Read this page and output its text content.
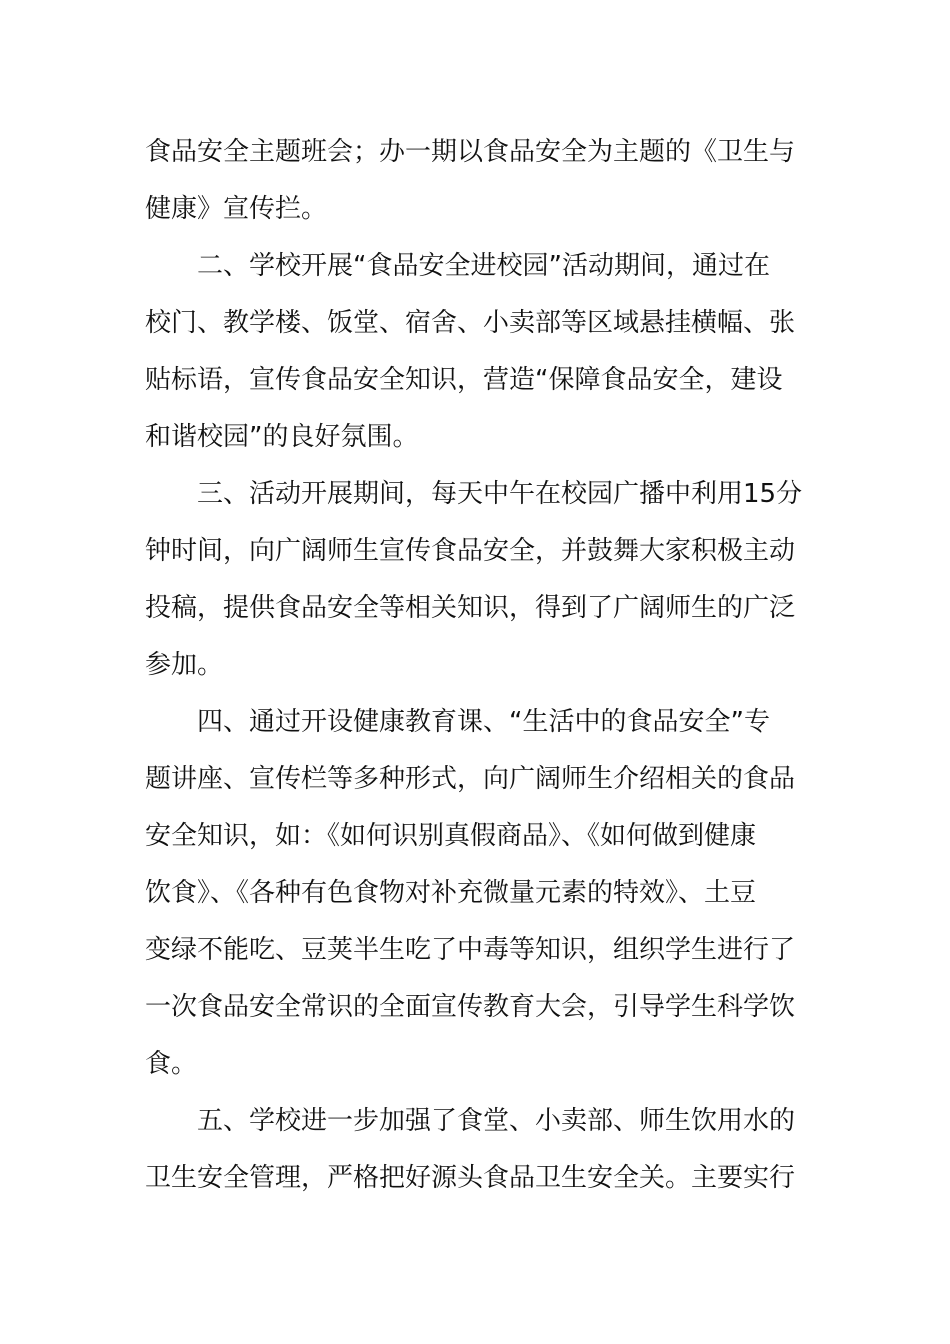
食品安全主题班会；办一期以食品安全为主题的《卫生与
健康》宣传拦。
二、学校开展“食品安全进校园”活动期间，通过在
校门、教学楼、饭堂、宿舍、小卖部等区域悬挂横幅、张
贴标语，宣传食品安全知识，营造“保障食品安全，建设
和谐校园”的良好氛围。
三、活动开展期间，每天中午在校园广播中利用15分
钟时间，向广阔师生宣传食品安全，并鼓舞大家积极主动
投稿，提供食品安全等相关知识，得到了广阔师生的广泛
参加。
四、通过开设健康教育课、“生活中的食品安全”专
题讲座、宣传栏等多种形式，向广阔师生介绍相关的食品
安全知识，如：《如何识别真假商品》、《如何做到健康
饮食》、《各种有色食物对补充微量元素的特效》、土豆
变绿不能吃、豆荚半生吃了中毒等知识，组织学生进行了
一次食品安全常识的全面宣传教育大会，引导学生科学饮
食。
五、学校进一步加强了食堂、小卖部、师生饮用水的
卫生安全管理，严格把好源头食品卫生安全关。主要实行
